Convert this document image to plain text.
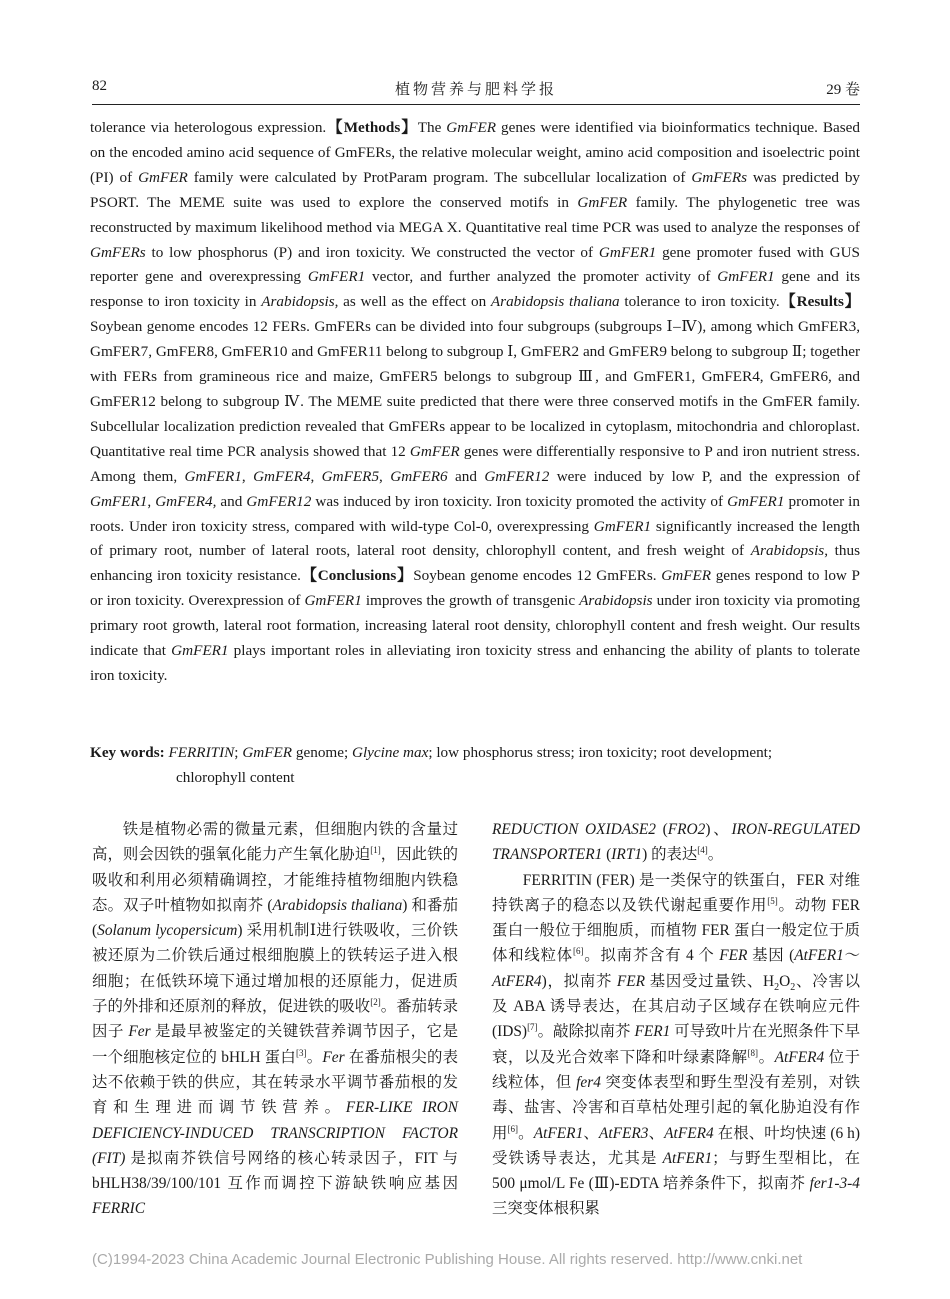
82	植物营养与肥料学报	29 卷
tolerance via heterologous expression.【Methods】The GmFER genes were identified via bioinformatics technique. Based on the encoded amino acid sequence of GmFERs, the relative molecular weight, amino acid composition and isoelectric point (PI) of GmFER family were calculated by ProtParam program. The subcellular localization of GmFERs was predicted by PSORT. The MEME suite was used to explore the conserved motifs in GmFER family. The phylogenetic tree was reconstructed by maximum likelihood method via MEGA X. Quantitative real time PCR was used to analyze the responses of GmFERs to low phosphorus (P) and iron toxicity. We constructed the vector of GmFER1 gene promoter fused with GUS reporter gene and overexpressing GmFER1 vector, and further analyzed the promoter activity of GmFER1 gene and its response to iron toxicity in Arabidopsis, as well as the effect on Arabidopsis thaliana tolerance to iron toxicity.【Results】Soybean genome encodes 12 FERs. GmFERs can be divided into four subgroups (subgroups Ⅰ–Ⅳ), among which GmFER3, GmFER7, GmFER8, GmFER10 and GmFER11 belong to subgroup Ⅰ, GmFER2 and GmFER9 belong to subgroup Ⅱ; together with FERs from gramineous rice and maize, GmFER5 belongs to subgroup Ⅲ, and GmFER1, GmFER4, GmFER6, and GmFER12 belong to subgroup Ⅳ. The MEME suite predicted that there were three conserved motifs in the GmFER family. Subcellular localization prediction revealed that GmFERs appear to be localized in cytoplasm, mitochondria and chloroplast. Quantitative real time PCR analysis showed that 12 GmFER genes were differentially responsive to P and iron nutrient stress. Among them, GmFER1, GmFER4, GmFER5, GmFER6 and GmFER12 were induced by low P, and the expression of GmFER1, GmFER4, and GmFER12 was induced by iron toxicity. Iron toxicity promoted the activity of GmFER1 promoter in roots. Under iron toxicity stress, compared with wild-type Col-0, overexpressing GmFER1 significantly increased the length of primary root, number of lateral roots, lateral root density, chlorophyll content, and fresh weight of Arabidopsis, thus enhancing iron toxicity resistance.【Conclusions】Soybean genome encodes 12 GmFERs. GmFER genes respond to low P or iron toxicity. Overexpression of GmFER1 improves the growth of transgenic Arabidopsis under iron toxicity via promoting primary root growth, lateral root formation, increasing lateral root density, chlorophyll content and fresh weight. Our results indicate that GmFER1 plays important roles in alleviating iron toxicity stress and enhancing the ability of plants to tolerate iron toxicity.
Key words: FERRITIN; GmFER genome; Glycine max; low phosphorus stress; iron toxicity; root development;
chlorophyll content

铁是植物必需的微量元素，但细胞内铁的含量过高，则会因铁的强氧化能力产生氧化胁迫[1]，因此铁的吸收和利用必须精确调控，才能维持植物细胞内铁稳态。双子叶植物如拟南芥 (Arabidopsis thaliana) 和番茄 (Solanum lycopersicum) 采用机制Ⅰ进行铁吸收，三价铁被还原为二价铁后通过根细胞膜上的铁转运子进入根细胞；在低铁环境下通过增加根的还原能力，促进质子的外排和还原剂的释放，促进铁的吸收[2]。番茄转录因子 Fer 是最早被鉴定的关键铁营养调节因子，它是一个细胞核定位的 bHLH 蛋白[3]。Fer 在番茄根尖的表达不依赖于铁的供应，其在转录水平调节番茄根的发育和生理进而调节铁营养。FER-LIKE IRON DEFICIENCY-INDUCED TRANSCRIPTION FACTOR (FIT) 是拟南芥铁信号网络的核心转录因子，FIT 与 bHLH38/39/100/101 互作而调控下游缺铁响应基因 FERRIC

REDUCTION OXIDASE2 (FRO2)、IRON-REGULATED TRANSPORTER1 (IRT1) 的表达[4]。

FERRITIN (FER) 是一类保守的铁蛋白，FER 对维持铁离子的稳态以及铁代谢起重要作用[5]。动物 FER 蛋白一般位于细胞质，而植物 FER 蛋白一般定位于质体和线粒体[6]。拟南芥含有 4 个 FER 基因 (AtFER1～AtFER4)，拟南芥 FER 基因受过量铁、$H_2O_2$、冷害以及 ABA 诱导表达，在其启动子区域存在铁响应元件 (IDS)[7]。敲除拟南芥 FER1 可导致叶片在光照条件下早衰，以及光合效率下降和叶绿素降解[8]。AtFER4 位于线粒体，但 fer4 突变体表型和野生型没有差别，对铁毒、盐害、冷害和百草枯处理引起的氧化胁迫没有作用[6]。AtFER1、AtFER3、AtFER4 在根、叶均快速 (6 h) 受铁诱导表达，尤其是 AtFER1；与野生型相比，在 500 μmol/L Fe (Ⅲ)-EDTA 培养条件下，拟南芥 fer1-3-4 三突变体根积累

(C)1994-2023 China Academic Journal Electronic Publishing House. All rights reserved. http://www.cnki.net
